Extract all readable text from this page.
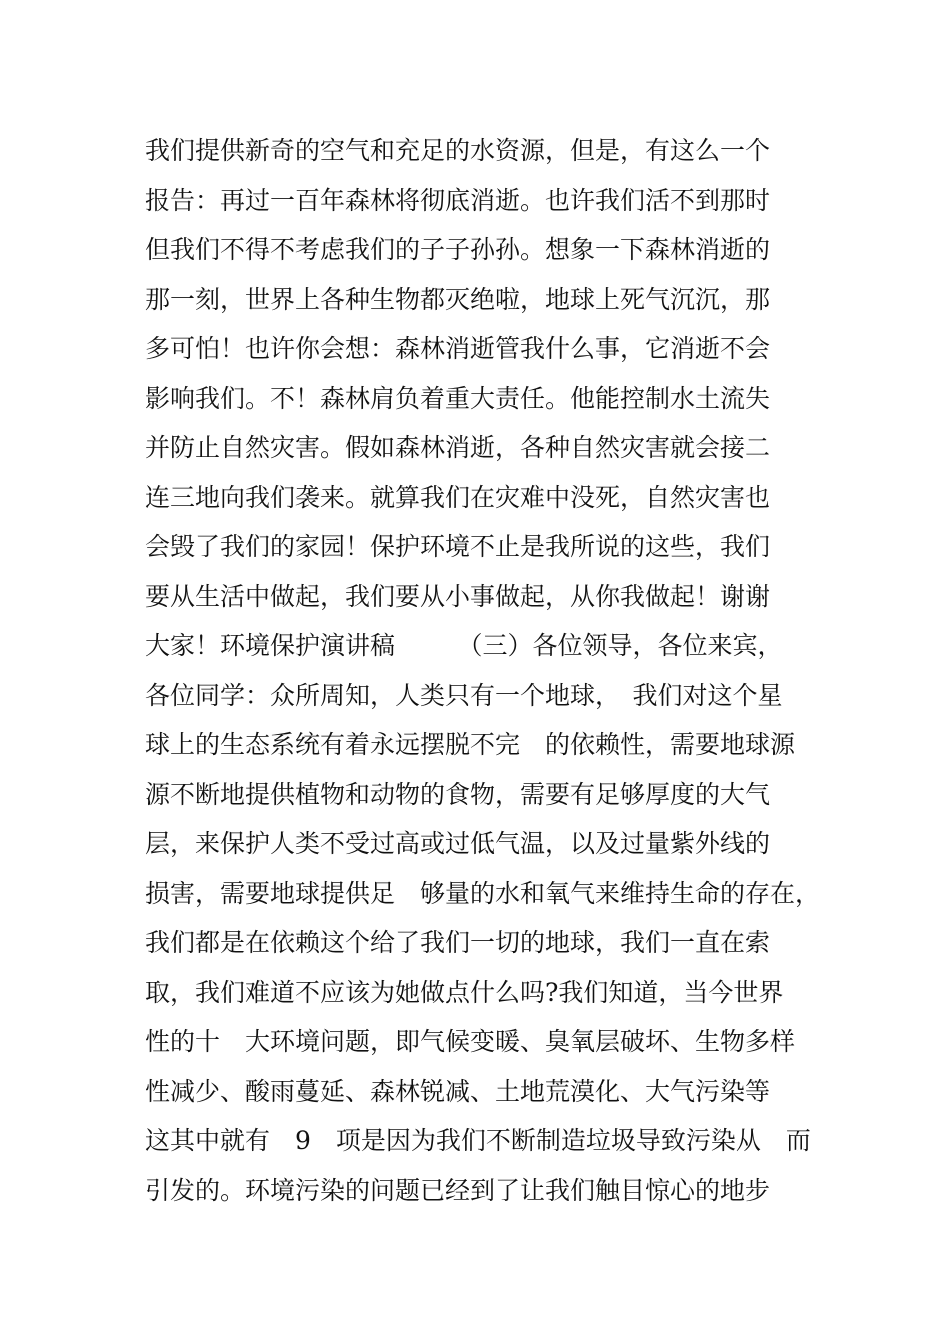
我们提供新奇的空气和充足的水资源，但是，有这么一个
报告：再过一百年森林将彻底消逝。也许我们活不到那时
但我们不得不考虑我们的子子孙孙。想象一下森林消逝的
那一刻，世界上各种生物都灭绝啦，地球上死气沉沉，那
多可怕！也许你会想：森林消逝管我什么事，它消逝不会
影响我们。不！森林肩负着重大责任。他能控制水土流失
并防止自然灾害。假如森林消逝，各种自然灾害就会接二
连三地向我们袭来。就算我们在灾难中没死，自然灾害也
会毁了我们的家园！保护环境不止是我所说的这些，我们
要从生活中做起，我们要从小事做起，从你我做起！谢谢
大家！环境保护演讲稿　　　（三）各位领导，各位来宾，
各位同学：众所周知，人类只有一个地球，　我们对这个星
球上的生态系统有着永远摆脱不完　的依赖性，需要地球源
源不断地提供植物和动物的食物，需要有足够厚度的大气
层，来保护人类不受过高或过低气温，以及过量紫外线的
损害，需要地球提供足　够量的水和氧气来维持生命的存在，
我们都是在依赖这个给了我们一切的地球，我们一直在索
取，我们难道不应该为她做点什么吗?我们知道，当今世界
性的十　大环境问题，即气候变暖、臭氧层破坏、生物多样
性减少、酸雨蔓延、森林锐减、土地荒漠化、大气污染等
这其中就有　9　项是因为我们不断制造垃圾导致污染从　而
引发的。环境污染的问题已经到了让我们触目惊心的地步
